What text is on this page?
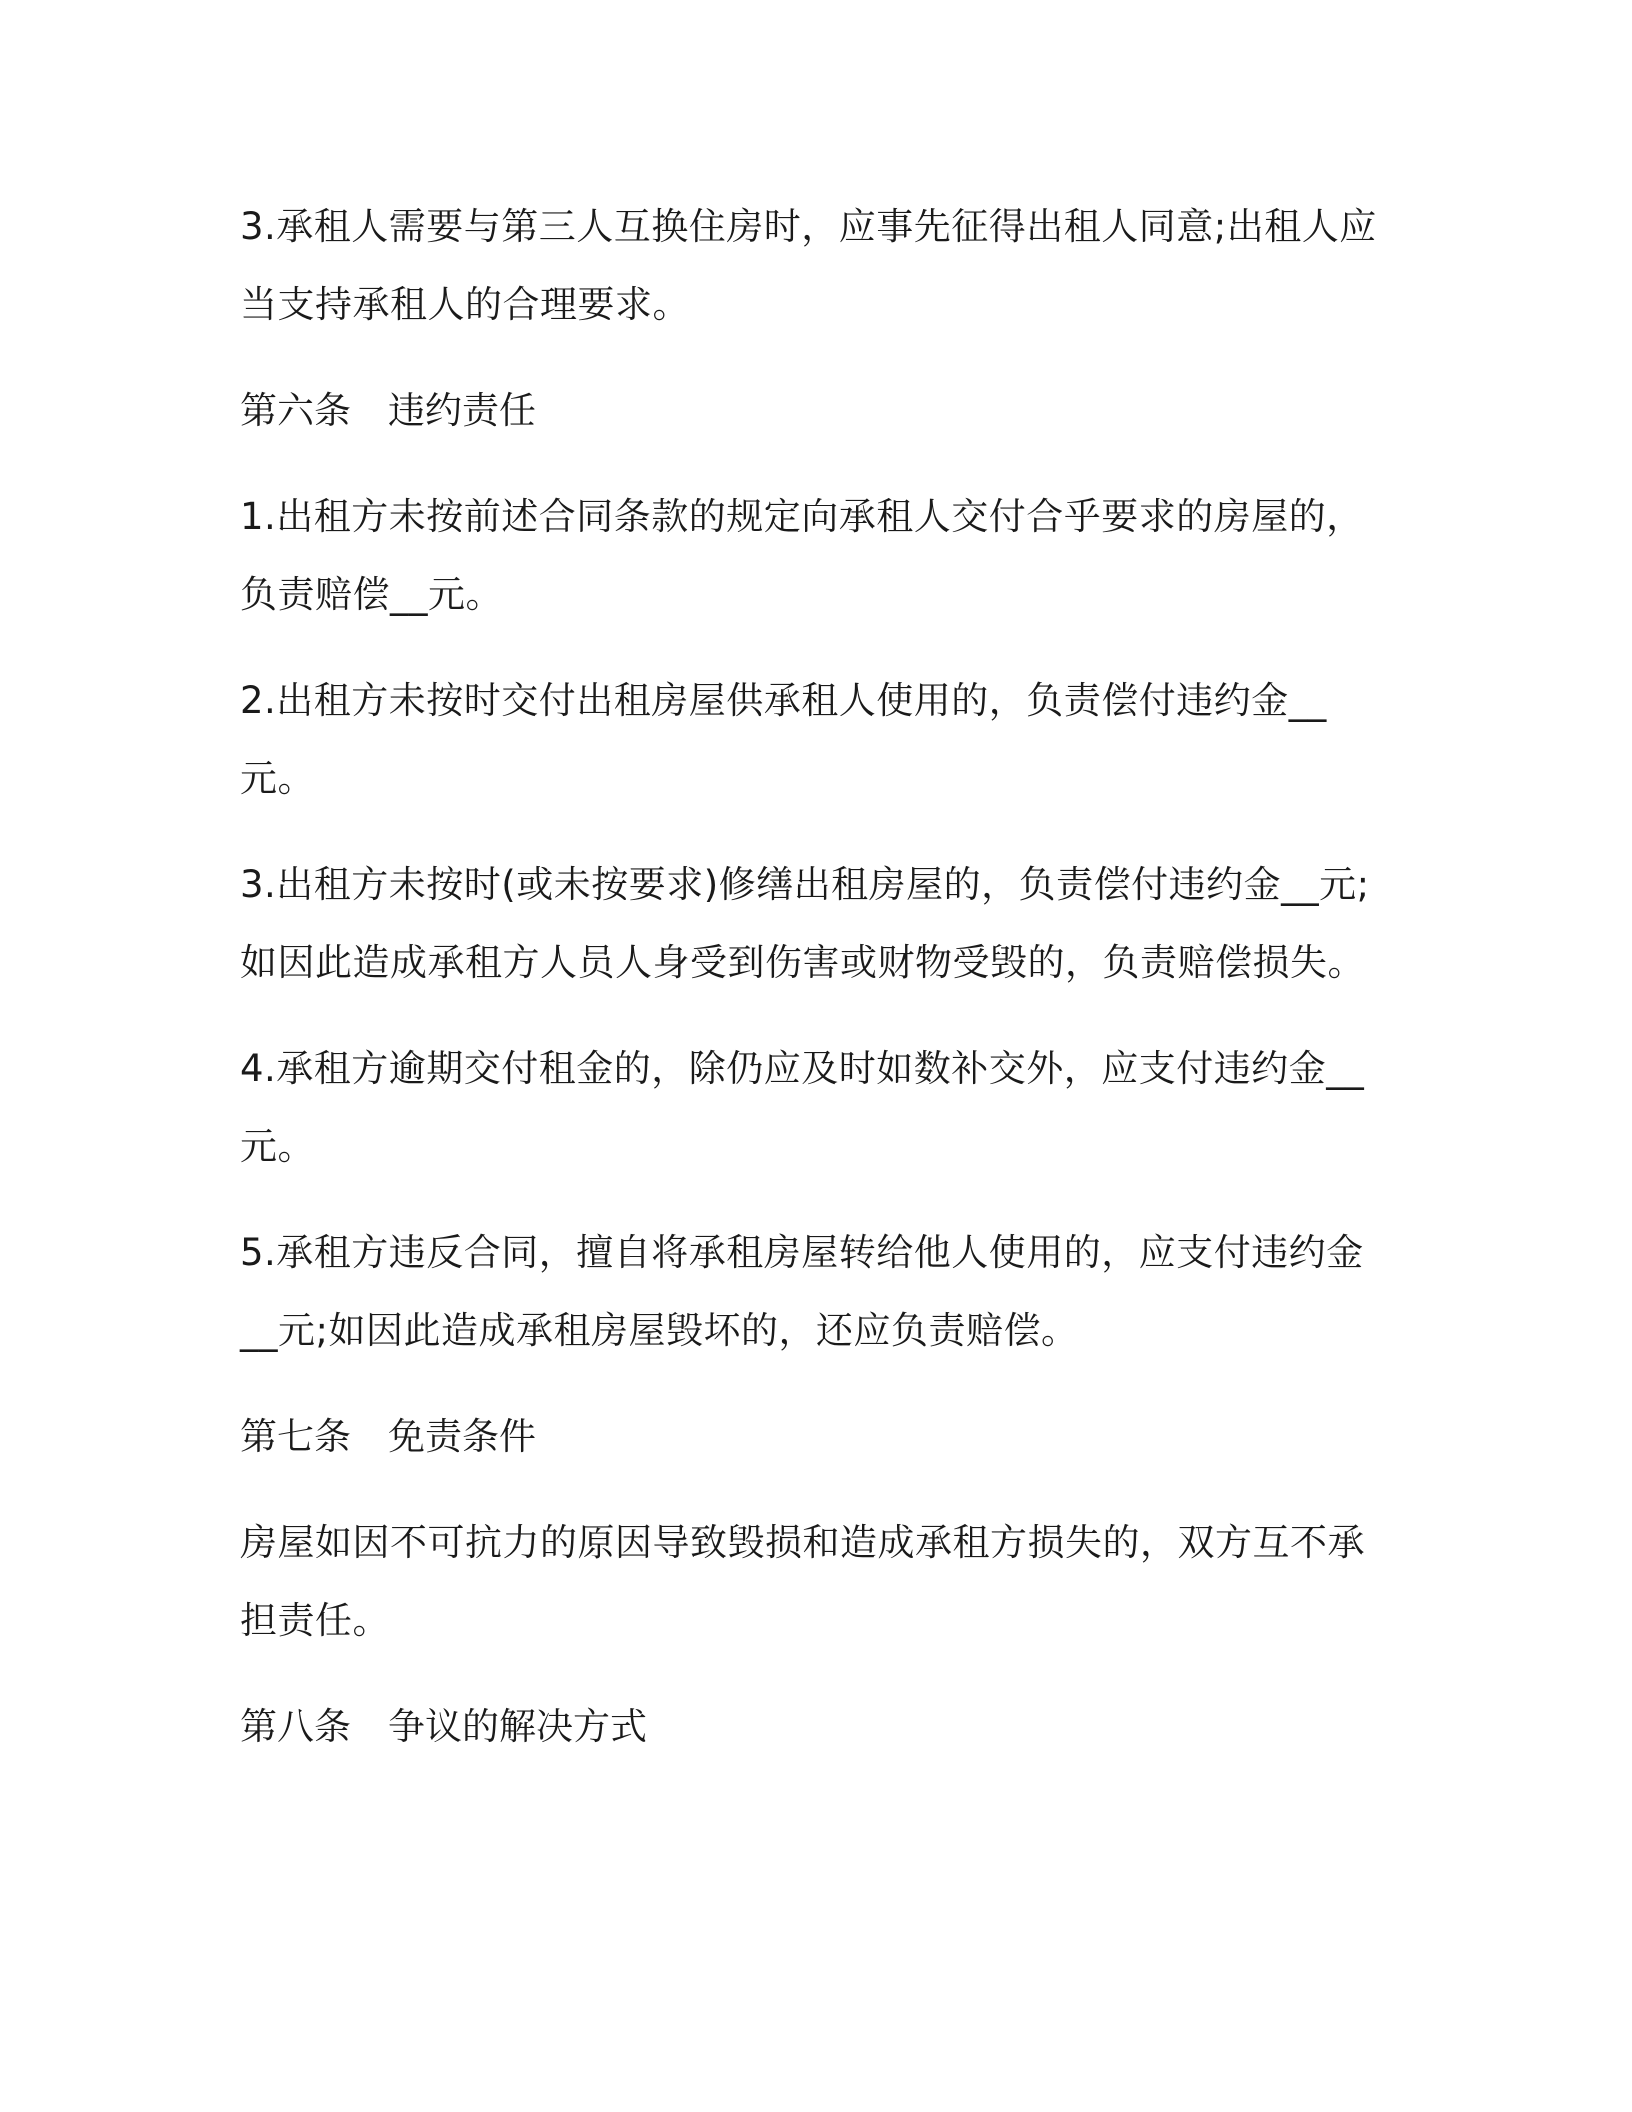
3.承租人需要与第三人互换住房时，应事先征得出租人同意;出租人应当支持承租人的合理要求。

第六条　违约责任

1.出租方未按前述合同条款的规定向承租人交付合乎要求的房屋的，负责赔偿__元。

2.出租方未按时交付出租房屋供承租人使用的，负责偿付违约金__元。

3.出租方未按时(或未按要求)修缮出租房屋的，负责偿付违约金__元;如因此造成承租方人员人身受到伤害或财物受毁的，负责赔偿损失。

4.承租方逾期交付租金的，除仍应及时如数补交外，应支付违约金__元。

5.承租方违反合同，擅自将承租房屋转给他人使用的，应支付违约金__元;如因此造成承租房屋毁坏的，还应负责赔偿。

第七条　免责条件

房屋如因不可抗力的原因导致毁损和造成承租方损失的，双方互不承担责任。

第八条　争议的解决方式
